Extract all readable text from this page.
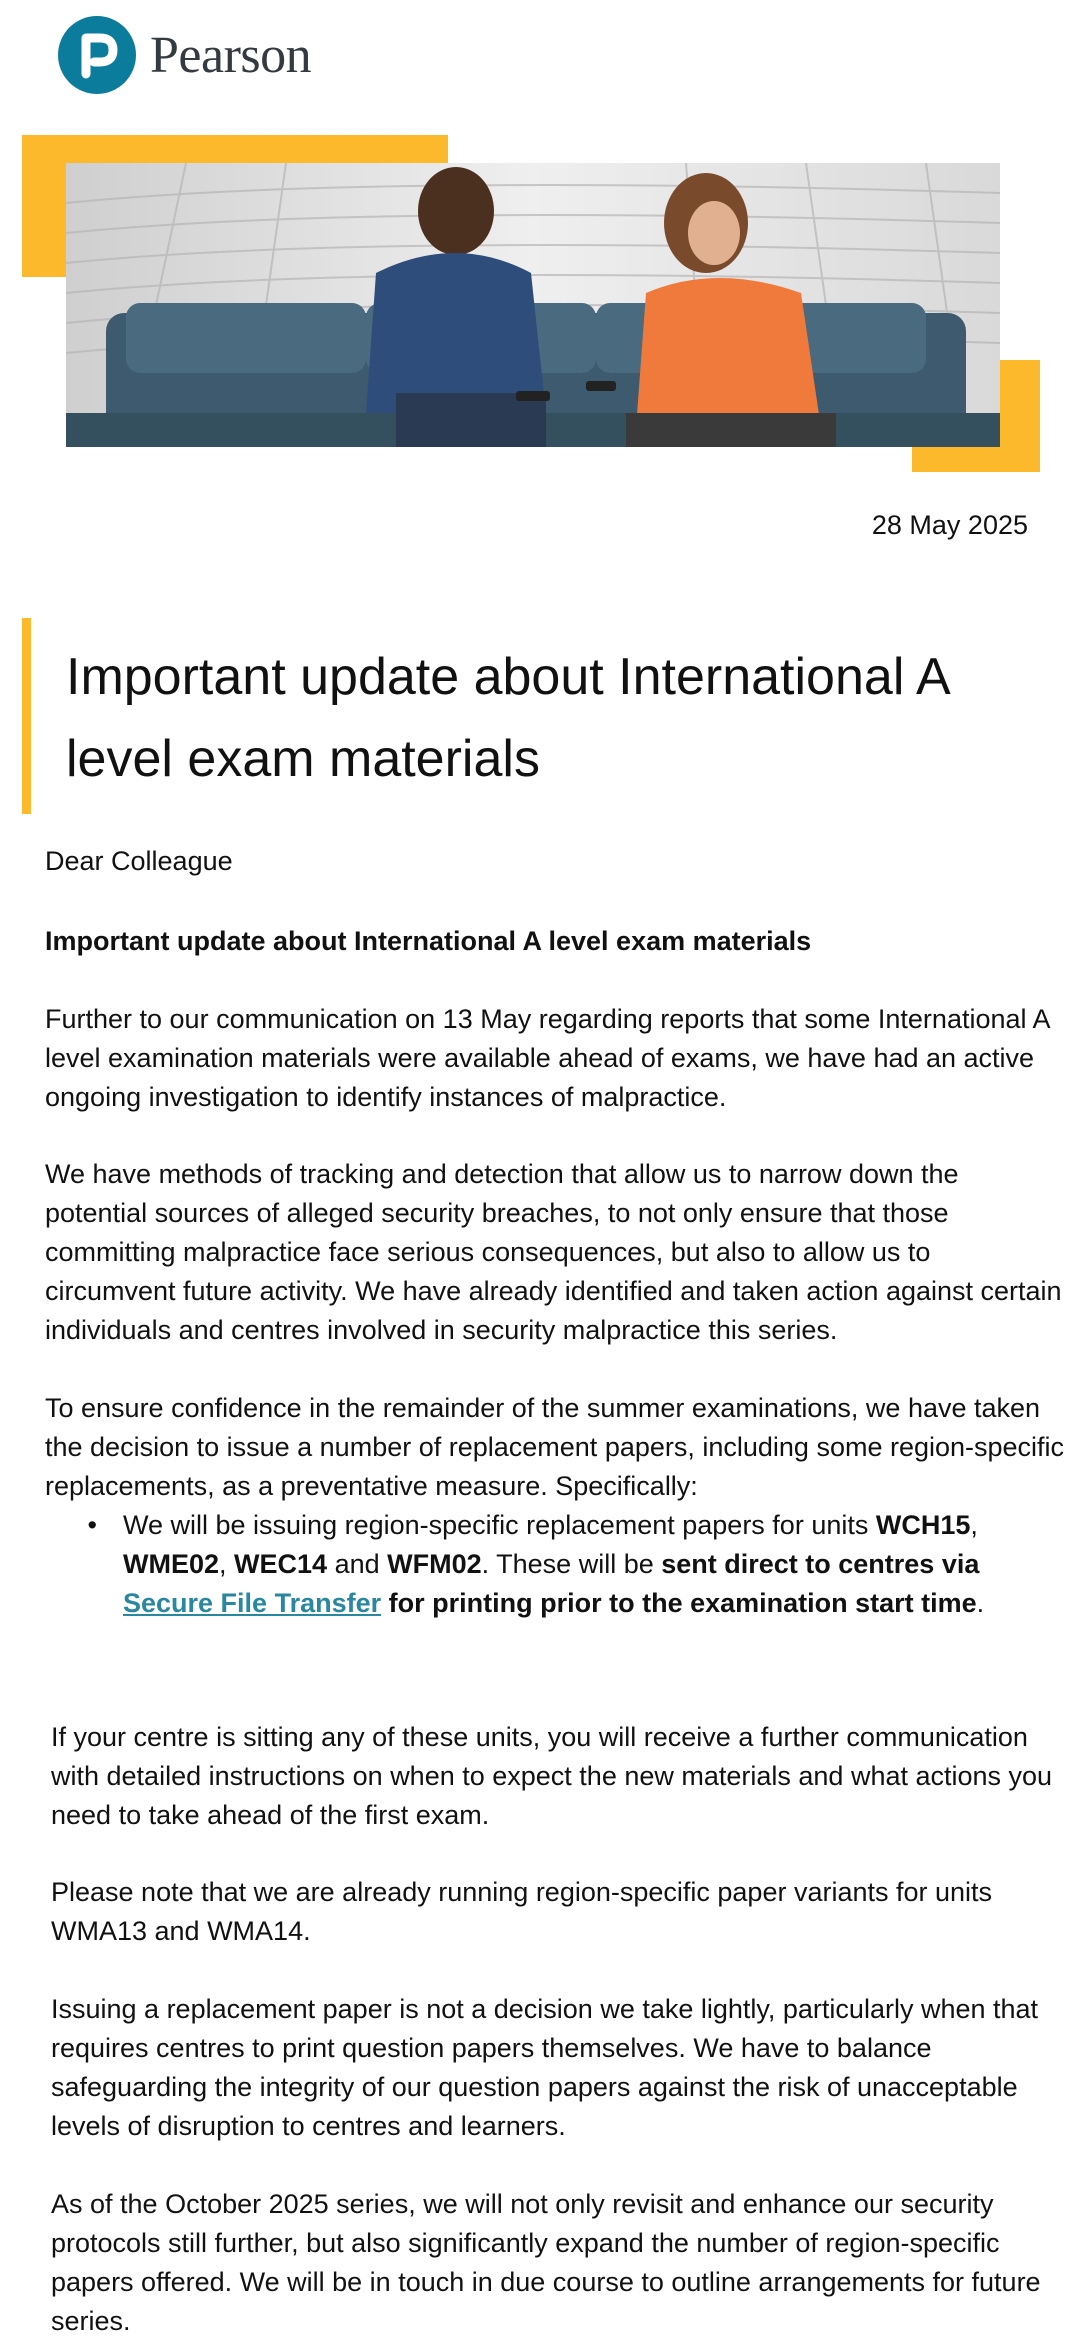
Pearson
28 May 2025
Important update about International A level exam materials

Dear Colleague

Important update about International A level exam materials

Further to our communication on 13 May regarding reports that some International A level examination materials were available ahead of exams, we have had an active ongoing investigation to identify instances of malpractice.

We have methods of tracking and detection that allow us to narrow down the potential sources of alleged security breaches, to not only ensure that those committing malpractice face serious consequences, but also to allow us to circumvent future activity. We have already identified and taken action against certain individuals and centres involved in security malpractice this series.

To ensure confidence in the remainder of the summer examinations, we have taken the decision to issue a number of replacement papers, including some region-specific replacements, as a preventative measure. Specifically:

• We will be issuing region-specific replacement papers for units WCH15, WME02, WEC14 and WFM02. These will be sent direct to centres via
Secure File Transfer for printing prior to the examination start time.

If your centre is sitting any of these units, you will receive a further communication with detailed instructions on when to expect the new materials and what actions you need to take ahead of the first exam.

Please note that we are already running region-specific paper variants for units WMA13 and WMA14.

Issuing a replacement paper is not a decision we take lightly, particularly when that requires centres to print question papers themselves. We have to balance safeguarding the integrity of our question papers against the risk of unacceptable levels of disruption to centres and learners.

As of the October 2025 series, we will not only revisit and enhance our security protocols still further, but also significantly expand the number of region-specific papers offered. We will be in touch in due course to outline arrangements for future series.
